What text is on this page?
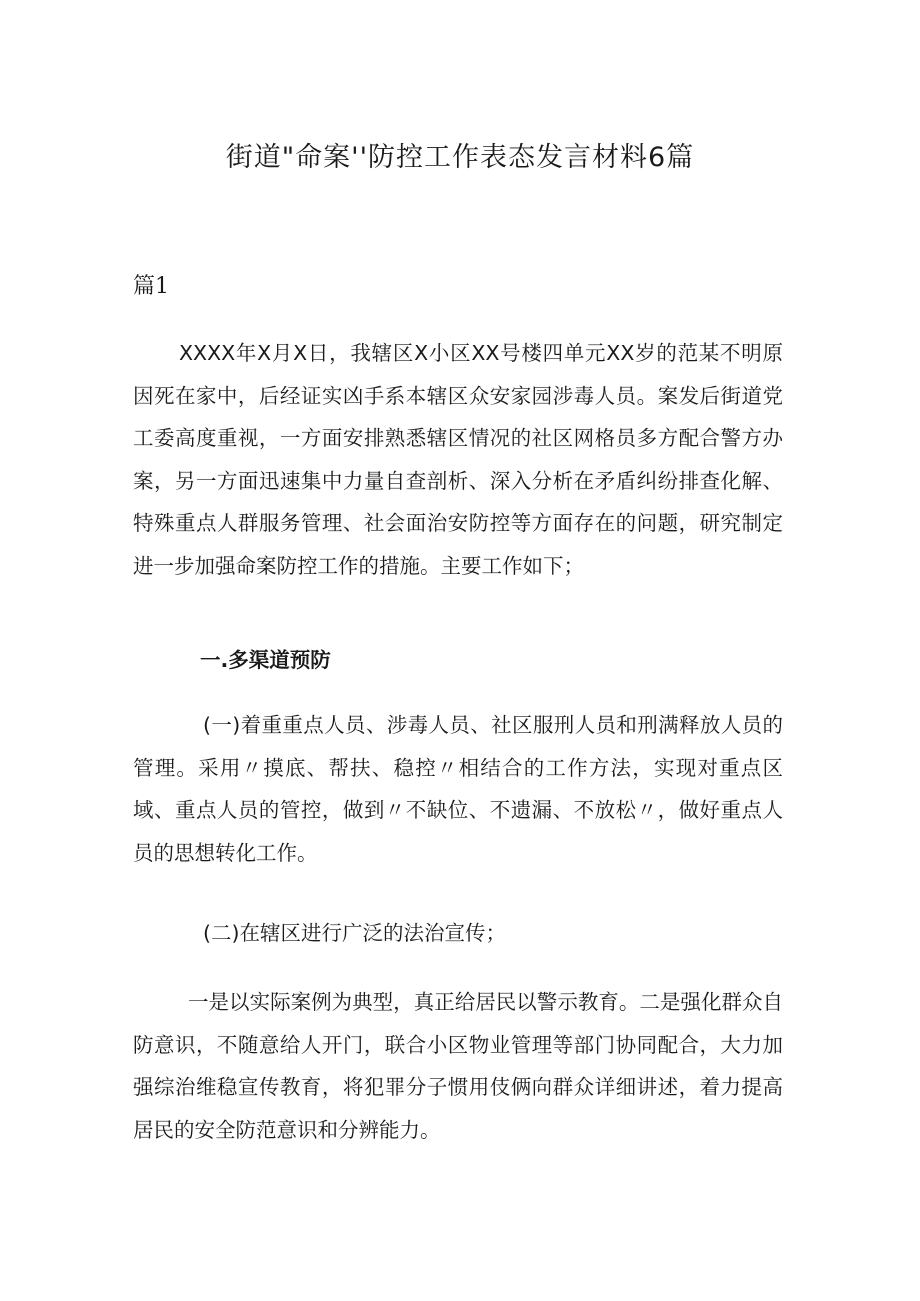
街道"命案''防控工作表态发言材料6篇

篇1

XXXX年X月X日，我辖区X小区XX号楼四单元XX岁的范某不明原因死在家中，后经证实凶手系本辖区众安家园涉毒人员。案发后街道党工委高度重视，一方面安排熟悉辖区情况的社区网格员多方配合警方办案，另一方面迅速集中力量自查剖析、深入分析在矛盾纠纷排查化解、特殊重点人群服务管理、社会面治安防控等方面存在的问题，研究制定进一步加强命案防控工作的措施。主要工作如下；

一.多渠道预防

(一)着重重点人员、涉毒人员、社区服刑人员和刑满释放人员的管理。采用〃摸底、帮扶、稳控〃相结合的工作方法，实现对重点区域、重点人员的管控，做到〃不缺位、不遗漏、不放松〃，做好重点人员的思想转化工作。

(二)在辖区进行广泛的法治宣传；

一是以实际案例为典型，真正给居民以警示教育。二是强化群众自防意识，不随意给人开门，联合小区物业管理等部门协同配合，大力加强综治维稳宣传教育，将犯罪分子惯用伎俩向群众详细讲述，着力提高居民的安全防范意识和分辨能力。
